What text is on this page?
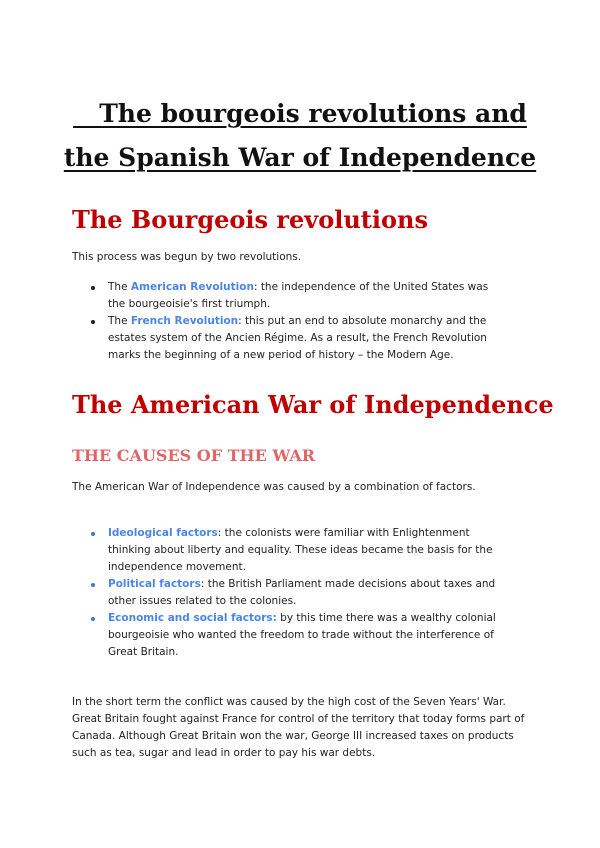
The bourgeois revolutions and
the Spanish War of Independence
The Bourgeois revolutions

This process was begun by two revolutions.

The American Revolution: the independence of the United States was the bourgeoisie's first triumph.
The French Revolution: this put an end to absolute monarchy and the estates system of the Ancien Régime. As a result, the French Revolution marks the beginning of a new period of history – the Modern Age.
The American War of Independence
THE CAUSES OF THE WAR

The American War of Independence was caused by a combination of factors.

Ideological factors: the colonists were familiar with Enlightenment thinking about liberty and equality. These ideas became the basis for the independence movement.
Political factors: the British Parliament made decisions about taxes and other issues related to the colonies.
Economic and social factors: by this time there was a wealthy colonial bourgeoisie who wanted the freedom to trade without the interference of Great Britain.

In the short term the conflict was caused by the high cost of the Seven Years' War. Great Britain fought against France for control of the territory that today forms part of Canada. Although Great Britain won the war, George III increased taxes on products such as tea, sugar and lead in order to pay his war debts.
